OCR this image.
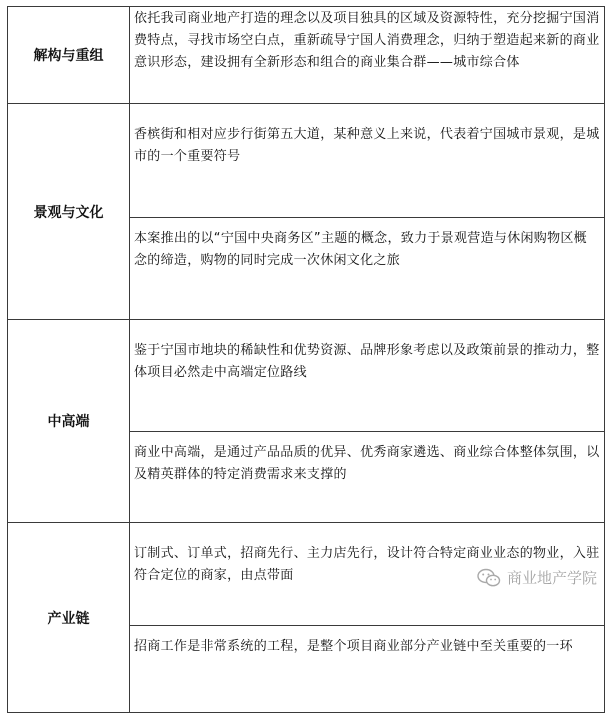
解构与重组	依托我司商业地产打造的理念以及项目独具的区域及资源特性，充分挖掘宁国消费特点，寻找市场空白点，重新疏导宁国人消费理念，归纳于塑造起来新的商业意识形态，建设拥有全新形态和组合的商业集合群——城市综合体
景观与文化	香槟街和相对应步行街第五大道，某种意义上来说，代表着宁国城市景观，是城市的一个重要符号
	本案推出的以“宁国中央商务区”主题的概念，致力于景观营造与休闲购物区概念的缔造，购物的同时完成一次休闲文化之旅
中高端	鉴于宁国市地块的稀缺性和优势资源、品牌形象考虑以及政策前景的推动力，整体项目必然走中高端定位路线
	商业中高端，是通过产品品质的优异、优秀商家遴选、商业综合体整体氛围，以及精英群体的特定消费需求来支撑的
产业链	订制式、订单式，招商先行、主力店先行，设计符合特定商业业态的物业，入驻符合定位的商家，由点带面
	招商工作是非常系统的工程，是整个项目商业部分产业链中至关重要的一环
商业地产学院
